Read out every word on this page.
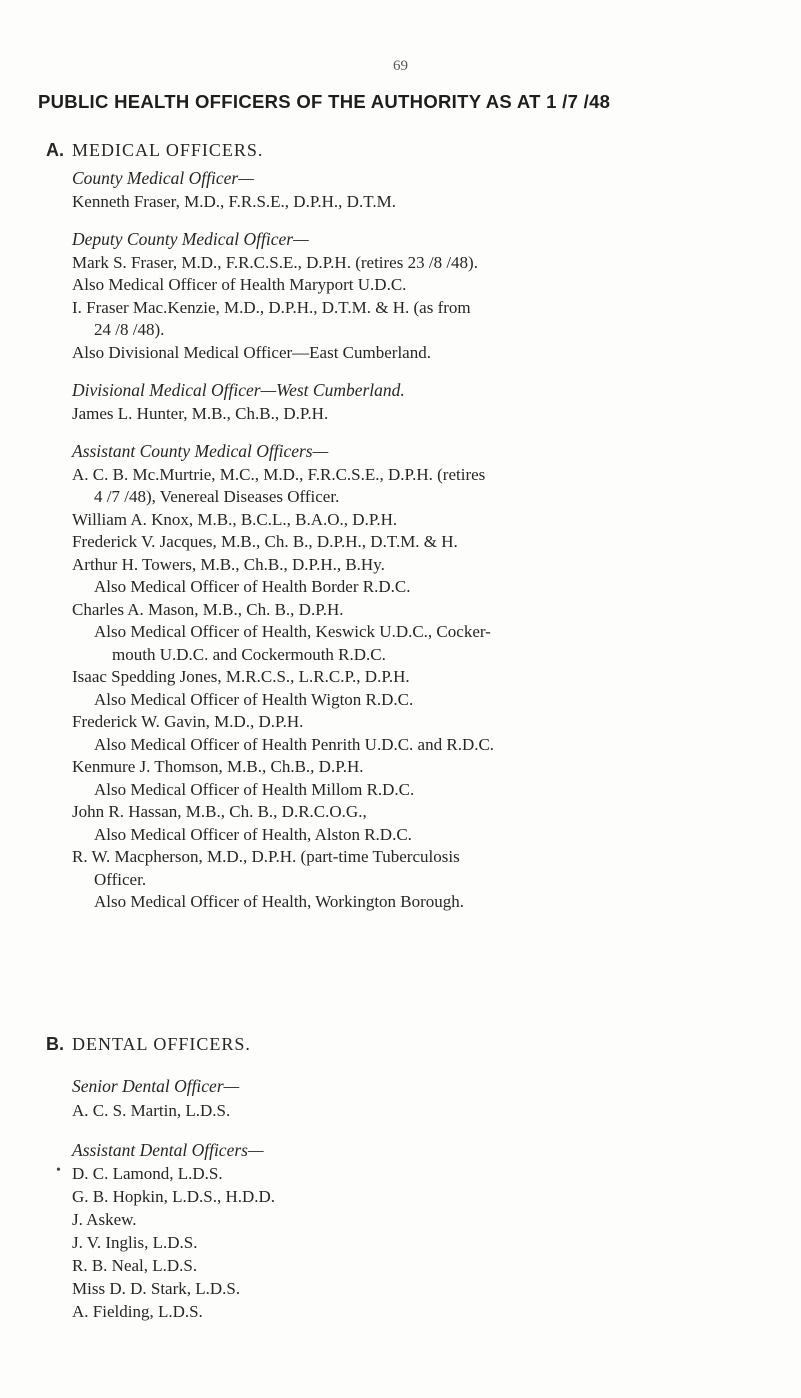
69
PUBLIC HEALTH OFFICERS OF THE AUTHORITY AS AT 1 /7 /48
A. MEDICAL OFFICERS.
County Medical Officer—
Kenneth Fraser, M.D., F.R.S.E., D.P.H., D.T.M.
Deputy County Medical Officer—
Mark S. Fraser, M.D., F.R.C.S.E., D.P.H. (retires 23 /8 /48).
Also Medical Officer of Health Maryport U.D.C.
I. Fraser Mac.Kenzie, M.D., D.P.H., D.T.M. & H. (as from
24 /8 /48).
Also Divisional Medical Officer—East Cumberland.
Divisional Medical Officer—West Cumberland.
James L. Hunter, M.B., Ch.B., D.P.H.
Assistant County Medical Officers—
A. C. B. Mc.Murtrie, M.C., M.D., F.R.C.S.E., D.P.H. (retires
4 /7 /48), Venereal Diseases Officer.
William A. Knox, M.B., B.C.L., B.A.O., D.P.H.
Frederick V. Jacques, M.B., Ch. B., D.P.H., D.T.M. & H.
Arthur H. Towers, M.B., Ch.B., D.P.H., B.Hy.
Also Medical Officer of Health Border R.D.C.
Charles A. Mason, M.B., Ch. B., D.P.H.
Also Medical Officer of Health, Keswick U.D.C., Cocker-
mouth U.D.C. and Cockermouth R.D.C.
Isaac Spedding Jones, M.R.C.S., L.R.C.P., D.P.H.
Also Medical Officer of Health Wigton R.D.C.
Frederick W. Gavin, M.D., D.P.H.
Also Medical Officer of Health Penrith U.D.C. and R.D.C.
Kenmure J. Thomson, M.B., Ch.B., D.P.H.
Also Medical Officer of Health Millom R.D.C.
John R. Hassan, M.B., Ch. B., D.R.C.O.G.,
Also Medical Officer of Health, Alston R.D.C.
R. W. Macpherson, M.D., D.P.H. (part-time Tuberculosis
Officer.
Also Medical Officer of Health, Workington Borough.
B. DENTAL OFFICERS.
Senior Dental Officer—
A. C. S. Martin, L.D.S.
Assistant Dental Officers—
• D. C. Lamond, L.D.S.
G. B. Hopkin, L.D.S., H.D.D.
J. Askew.
J. V. Inglis, L.D.S.
R. B. Neal, L.D.S.
Miss D. D. Stark, L.D.S.
A. Fielding, L.D.S.
